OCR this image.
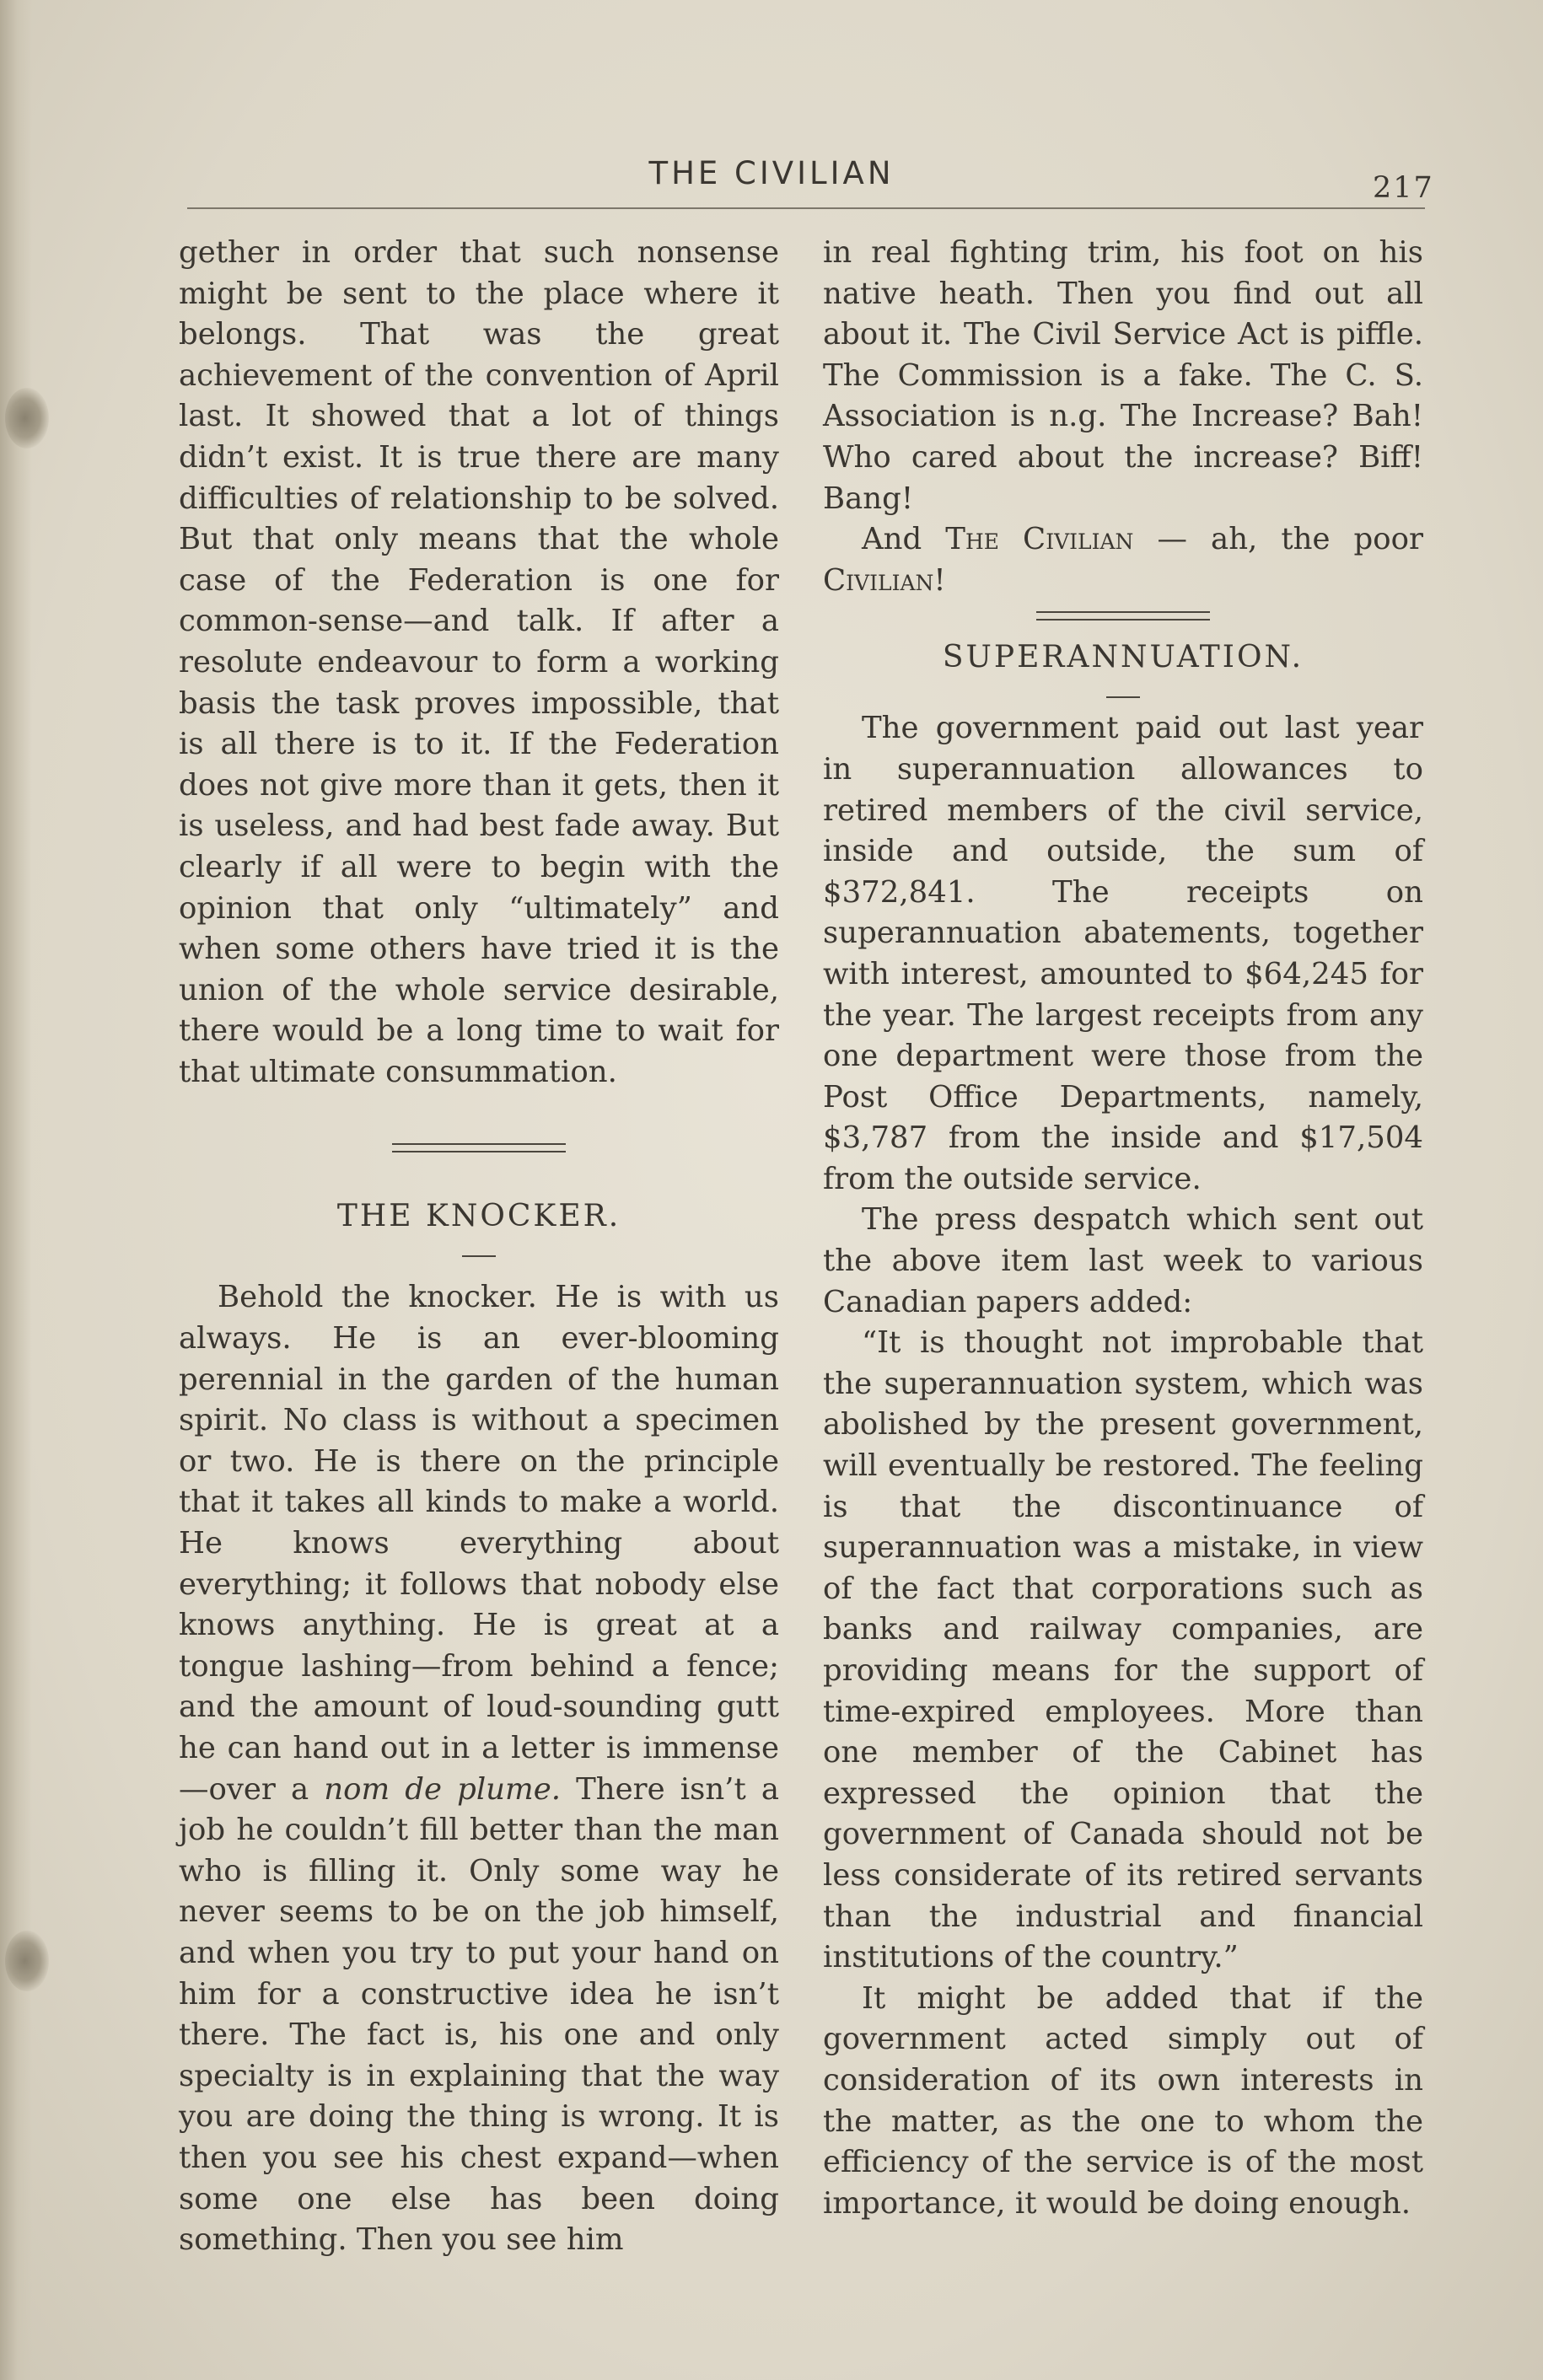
THE CIVILIAN	217

gether in order that such nonsense might be sent to the place where it belongs. That was the great achievement of the convention of April last. It showed that a lot of things didn’t exist. It is true there are many difficulties of relationship to be solved. But that only means that the whole case of the Federation is one for common-sense—and talk. If after a resolute endeavour to form a working basis the task proves impossible, that is all there is to it. If the Federation does not give more than it gets, then it is useless, and had best fade away. But clearly if all were to begin with the opinion that only “ultimately” and when some others have tried it is the union of the whole service desirable, there would be a long time to wait for that ultimate consummation.

THE KNOCKER.

Behold the knocker. He is with us always. He is an ever-blooming perennial in the garden of the human spirit. No class is without a specimen or two. He is there on the principle that it takes all kinds to make a world. He knows everything about everything; it follows that nobody else knows anything. He is great at a tongue lashing—from behind a fence; and the amount of loud-sounding gutt he can hand out in a letter is immense—over a nom de plume. There isn’t a job he couldn’t fill better than the man who is filling it. Only some way he never seems to be on the job himself, and when you try to put your hand on him for a constructive idea he isn’t there. The fact is, his one and only specialty is in explaining that the way you are doing the thing is wrong. It is then you see his chest expand—when some one else has been doing something. Then you see him

in real fighting trim, his foot on his native heath. Then you find out all about it. The Civil Service Act is piffle. The Commission is a fake. The C. S. Association is n.g. The Increase? Bah! Who cared about the increase? Biff! Bang!

And The Civilian — ah, the poor Civilian!

SUPERANNUATION.

The government paid out last year in superannuation allowances to retired members of the civil service, inside and outside, the sum of $372,841. The receipts on superannuation abatements, together with interest, amounted to $64,245 for the year. The largest receipts from any one department were those from the Post Office Departments, namely, $3,787 from the inside and $17,504 from the outside service.

The press despatch which sent out the above item last week to various Canadian papers added:

“It is thought not improbable that the superannuation system, which was abolished by the present government, will eventually be restored. The feeling is that the discontinuance of superannuation was a mistake, in view of the fact that corporations such as banks and railway companies, are providing means for the support of time-expired employees. More than one member of the Cabinet has expressed the opinion that the government of Canada should not be less considerate of its retired servants than the industrial and financial institutions of the country.”

It might be added that if the government acted simply out of consideration of its own interests in the matter, as the one to whom the efficiency of the service is of the most importance, it would be doing enough.
